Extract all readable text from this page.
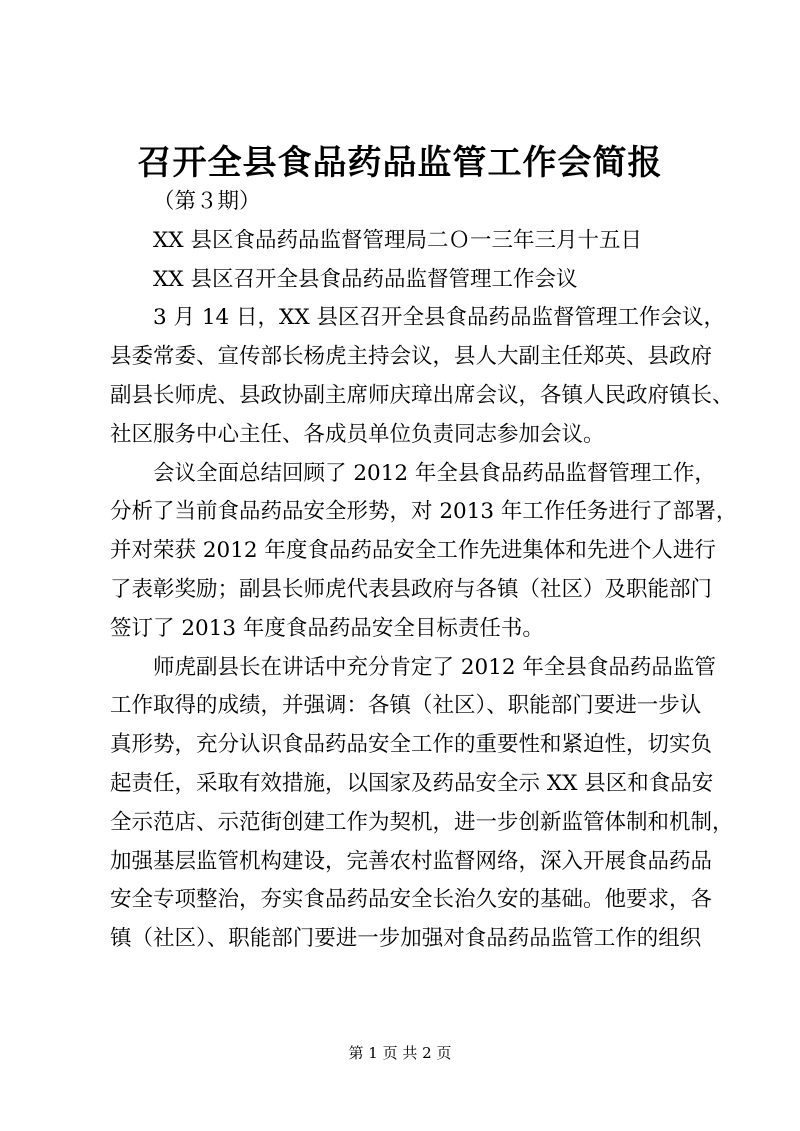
召开全县食品药品监管工作会简报

（第３期）

XX 县区食品药品监督管理局二Ｏ一三年三月十五日

XX 县区召开全县食品药品监督管理工作会议

3 月 14 日，XX 县区召开全县食品药品监督管理工作会议，

县委常委、宣传部长杨虎主持会议，县人大副主任郑英、县政府

副县长师虎、县政协副主席师庆璋出席会议，各镇人民政府镇长、

社区服务中心主任、各成员单位负责同志参加会议。

会议全面总结回顾了 2012 年全县食品药品监督管理工作，

分析了当前食品药品安全形势，对 2013 年工作任务进行了部署，

并对荣获 2012 年度食品药品安全工作先进集体和先进个人进行

了表彰奖励；副县长师虎代表县政府与各镇（社区）及职能部门

签订了 2013 年度食品药品安全目标责任书。

师虎副县长在讲话中充分肯定了 2012 年全县食品药品监管

工作取得的成绩，并强调：各镇（社区）、职能部门要进一步认

真形势，充分认识食品药品安全工作的重要性和紧迫性，切实负

起责任，采取有效措施，以国家及药品安全示 XX 县区和食品安

全示范店、示范街创建工作为契机，进一步创新监管体制和机制，

加强基层监管机构建设，完善农村监督网络，深入开展食品药品

安全专项整治，夯实食品药品安全长治久安的基础。他要求，各

镇（社区）、职能部门要进一步加强对食品药品监管工作的组织

第 1 页 共 2 页
